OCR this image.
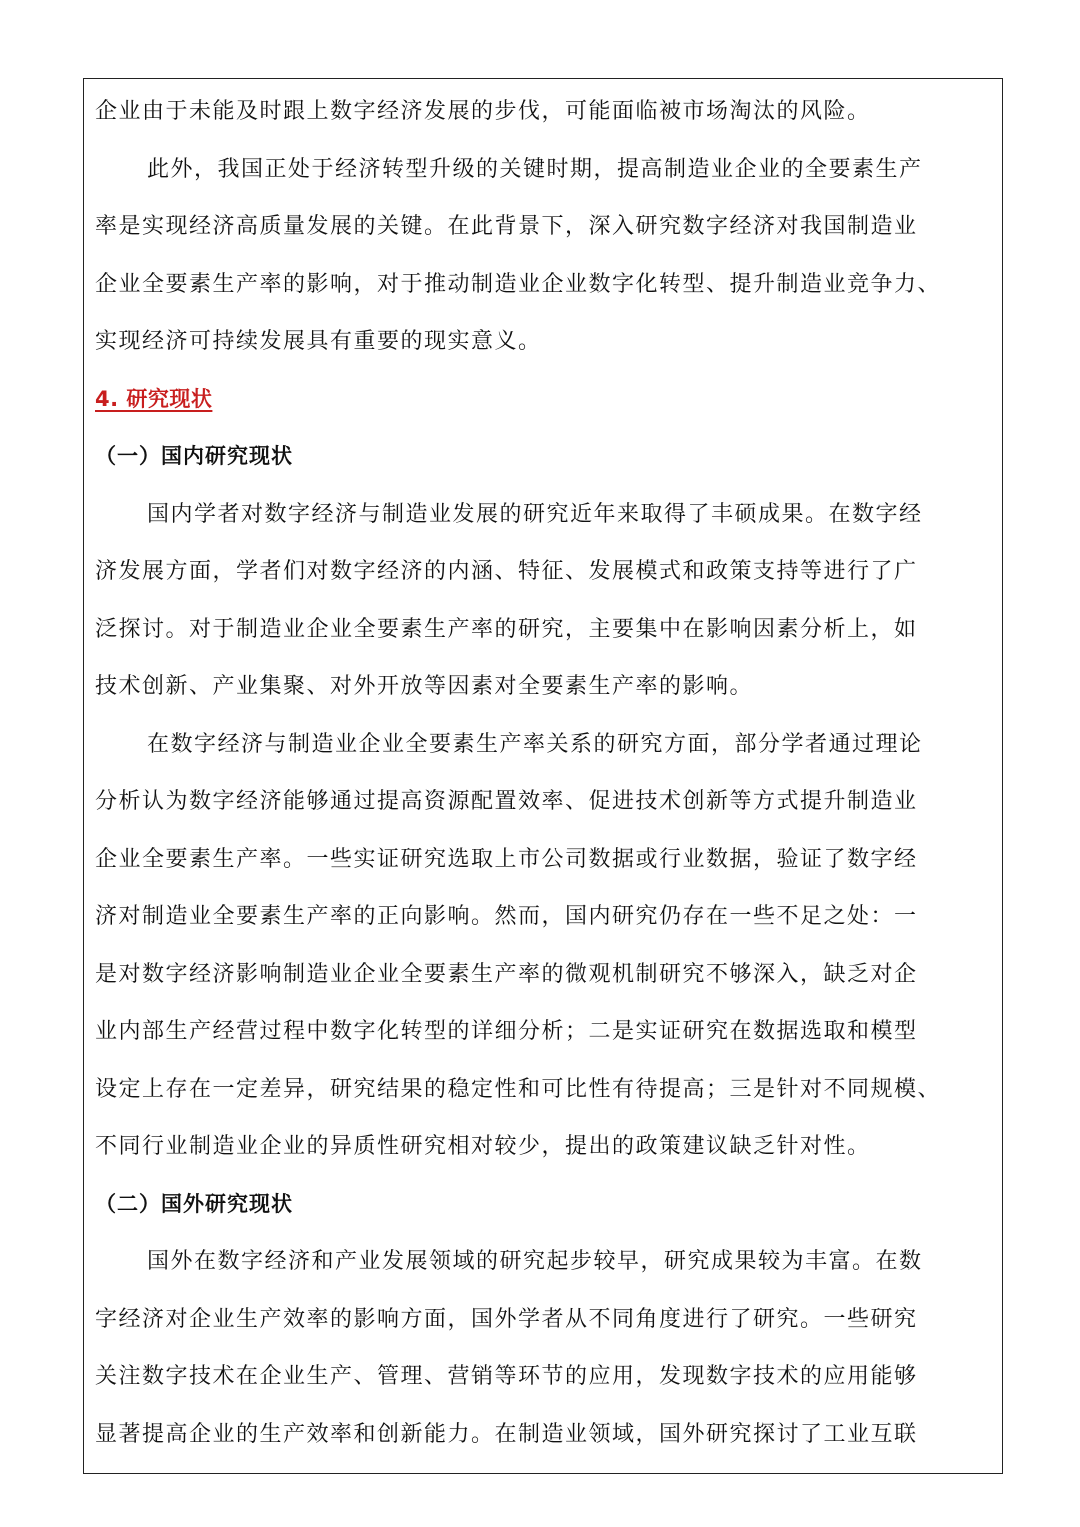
企业由于未能及时跟上数字经济发展的步伐，可能面临被市场淘汰的风险。
此外，我国正处于经济转型升级的关键时期，提高制造业企业的全要素生产
率是实现经济高质量发展的关键。在此背景下，深入研究数字经济对我国制造业
企业全要素生产率的影响，对于推动制造业企业数字化转型、提升制造业竞争力、
实现经济可持续发展具有重要的现实意义。
4. 研究现状
（一）国内研究现状
国内学者对数字经济与制造业发展的研究近年来取得了丰硕成果。在数字经
济发展方面，学者们对数字经济的内涵、特征、发展模式和政策支持等进行了广
泛探讨。对于制造业企业全要素生产率的研究，主要集中在影响因素分析上，如
技术创新、产业集聚、对外开放等因素对全要素生产率的影响。
在数字经济与制造业企业全要素生产率关系的研究方面，部分学者通过理论
分析认为数字经济能够通过提高资源配置效率、促进技术创新等方式提升制造业
企业全要素生产率。一些实证研究选取上市公司数据或行业数据，验证了数字经
济对制造业全要素生产率的正向影响。然而，国内研究仍存在一些不足之处：一
是对数字经济影响制造业企业全要素生产率的微观机制研究不够深入，缺乏对企
业内部生产经营过程中数字化转型的详细分析；二是实证研究在数据选取和模型
设定上存在一定差异，研究结果的稳定性和可比性有待提高；三是针对不同规模、
不同行业制造业企业的异质性研究相对较少，提出的政策建议缺乏针对性。
（二）国外研究现状
国外在数字经济和产业发展领域的研究起步较早，研究成果较为丰富。在数
字经济对企业生产效率的影响方面，国外学者从不同角度进行了研究。一些研究
关注数字技术在企业生产、管理、营销等环节的应用，发现数字技术的应用能够
显著提高企业的生产效率和创新能力。在制造业领域，国外研究探讨了工业互联
